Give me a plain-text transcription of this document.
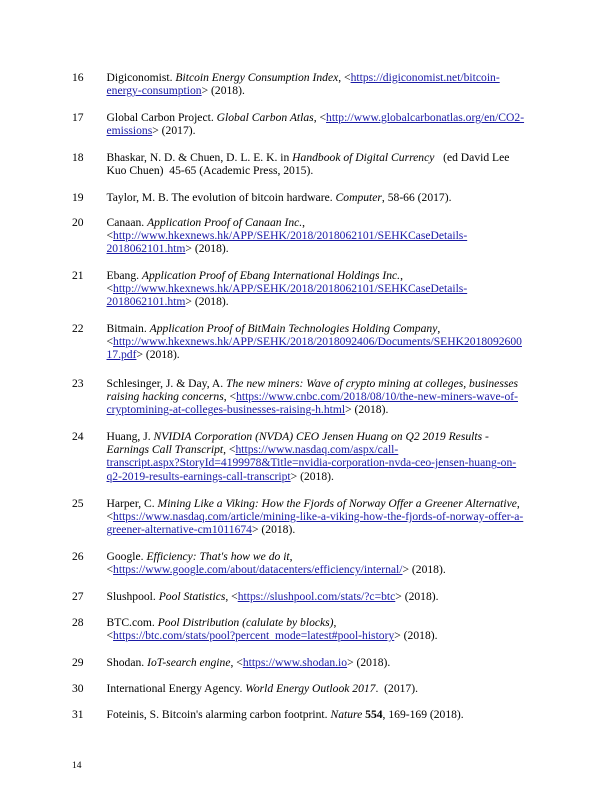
16 Digiconomist. Bitcoin Energy Consumption Index, <https://digiconomist.net/bitcoin-
energy-consumption> (2018).
17 Global Carbon Project. Global Carbon Atlas, <http://www.globalcarbonatlas.org/en/CO2-
emissions> (2017).
18 Bhaskar, N. D. & Chuen, D. L. E. K. in Handbook of Digital Currency   (ed David Lee
Kuo Chuen)  45-65 (Academic Press, 2015).
19 Taylor, M. B. The evolution of bitcoin hardware. Computer, 58-66 (2017).
20 Canaan. Application Proof of Canaan Inc.,
<http://www.hkexnews.hk/APP/SEHK/2018/2018062101/SEHKCaseDetails-
2018062101.htm> (2018).
21 Ebang. Application Proof of Ebang International Holdings Inc.,
<http://www.hkexnews.hk/APP/SEHK/2018/2018062101/SEHKCaseDetails-
2018062101.htm> (2018).
22 Bitmain. Application Proof of BitMain Technologies Holding Company,
<http://www.hkexnews.hk/APP/SEHK/2018/2018092406/Documents/SEHK2018092600
17.pdf> (2018).
23 Schlesinger, J. & Day, A. The new miners: Wave of crypto mining at colleges, businesses
raising hacking concerns, <https://www.cnbc.com/2018/08/10/the-new-miners-wave-of-
cryptomining-at-colleges-businesses-raising-h.html> (2018).
24 Huang, J. NVIDIA Corporation (NVDA) CEO Jensen Huang on Q2 2019 Results -
Earnings Call Transcript, <https://www.nasdaq.com/aspx/call-
transcript.aspx?StoryId=4199978&Title=nvidia-corporation-nvda-ceo-jensen-huang-on-
q2-2019-results-earnings-call-transcript> (2018).
25 Harper, C. Mining Like a Viking: How the Fjords of Norway Offer a Greener Alternative,
<https://www.nasdaq.com/article/mining-like-a-viking-how-the-fjords-of-norway-offer-a-
greener-alternative-cm1011674> (2018).
26 Google. Efficiency: That's how we do it,
<https://www.google.com/about/datacenters/efficiency/internal/> (2018).
27 Slushpool. Pool Statistics, <https://slushpool.com/stats/?c=btc> (2018).
28 BTC.com. Pool Distribution (calulate by blocks),
<https://btc.com/stats/pool?percent_mode=latest#pool-history> (2018).
29 Shodan. IoT-search engine, <https://www.shodan.io> (2018).
30 International Energy Agency. World Energy Outlook 2017.  (2017).
31 Foteinis, S. Bitcoin's alarming carbon footprint. Nature 554, 169-169 (2018).
14
